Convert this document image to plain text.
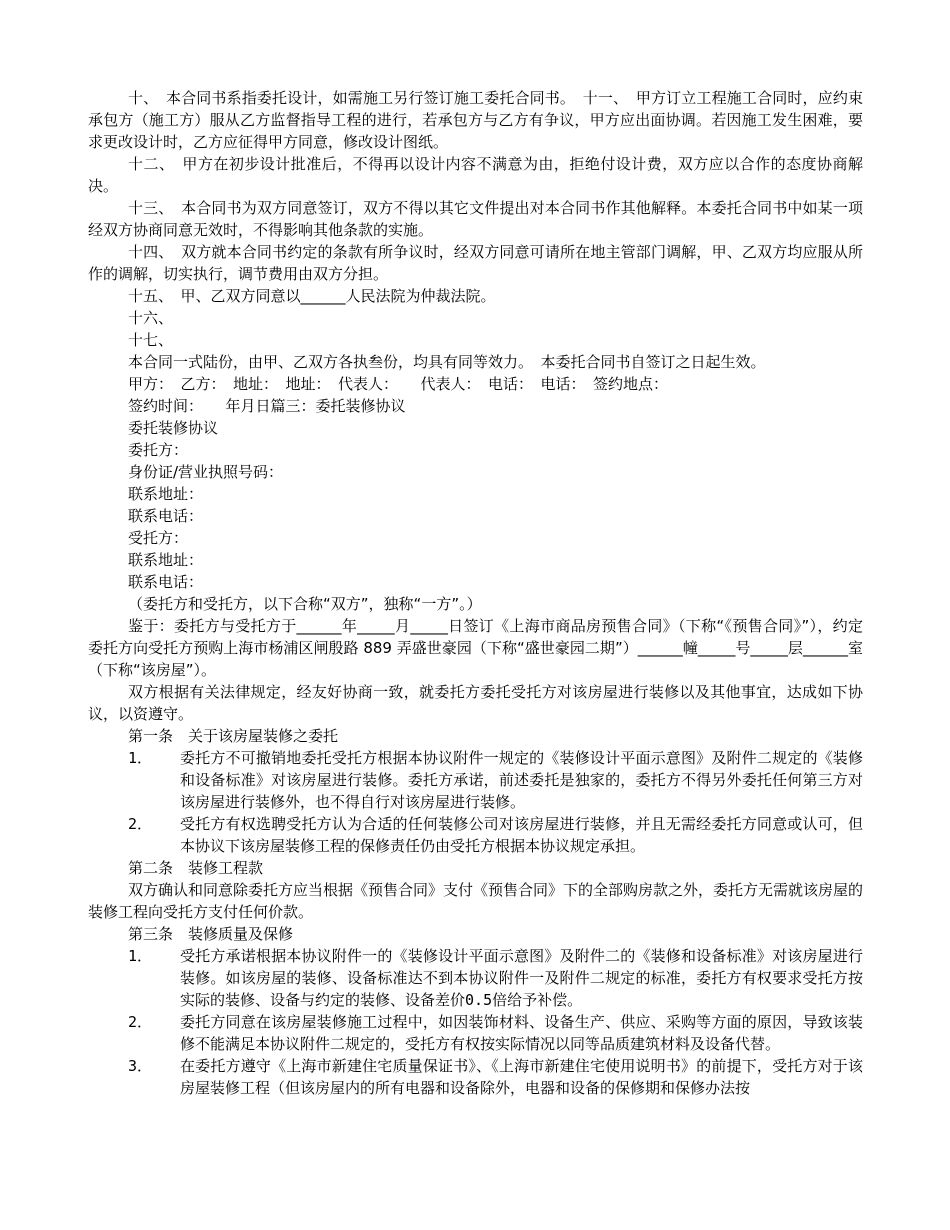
十、　本合同书系指委托设计，如需施工另行签订施工委托合同书。　十一、　甲方订立工程施工合同时，应约束承包方（施工方）服从乙方监督指导工程的进行，若承包方与乙方有争议，甲方应出面协调。若因施工发生困难，要求更改设计时，乙方应征得甲方同意，修改设计图纸。

十二、　甲方在初步设计批准后，不得再以设计内容不满意为由，拒绝付设计费，双方应以合作的态度协商解决。

十三、　本合同书为双方同意签订，双方不得以其它文件提出对本合同书作其他解释。本委托合同书中如某一项经双方协商同意无效时，不得影响其他条款的实施。

十四、　双方就本合同书约定的条款有所争议时，经双方同意可请所在地主管部门调解，甲、乙双方均应服从所作的调解，切实执行，调节费用由双方分担。

十五、　甲、乙双方同意以______人民法院为仲裁法院。

十六、

十七、

本合同一式陆份，由甲、乙双方各执叁份，均具有同等效力。　本委托合同书自签订之日起生效。

甲方：　乙方：　地址：　地址：　代表人：　　代表人：　电话：　电话：　签约地点：

签约时间：　　年月日篇三：委托装修协议

委托装修协议

委托方：

身份证/营业执照号码：

联系地址：

联系电话：

受托方：

联系地址：

联系电话：

（委托方和受托方，以下合称“双方”，独称“一方”。）

鉴于：委托方与受托方于______年_____月_____日签订《上海市商品房预售合同》（下称“《预售合同》”），约定委托方向受托方预购上海市杨浦区闸殷路 889 弄盛世豪园（下称“盛世豪园二期”）______幢_____号_____层______室（下称“该房屋”）。

双方根据有关法律规定，经友好协商一致，就委托方委托受托方对该房屋进行装修以及其他事宜，达成如下协议，以资遵守。

第一条　关于该房屋装修之委托

1． 委托方不可撤销地委托受托方根据本协议附件一规定的《装修设计平面示意图》及附件二规定的《装修和设备标准》对该房屋进行装修。委托方承诺，前述委托是独家的，委托方不得另外委托任何第三方对该房屋进行装修外，也不得自行对该房屋进行装修。
2． 受托方有权选聘受托方认为合适的任何装修公司对该房屋进行装修，并且无需经委托方同意或认可，但本协议下该房屋装修工程的保修责任仍由受托方根据本协议规定承担。

第二条　装修工程款

双方确认和同意除委托方应当根据《预售合同》支付《预售合同》下的全部购房款之外，委托方无需就该房屋的装修工程向受托方支付任何价款。

第三条　装修质量及保修

1． 受托方承诺根据本协议附件一的《装修设计平面示意图》及附件二的《装修和设备标准》对该房屋进行装修。如该房屋的装修、设备标准达不到本协议附件一及附件二规定的标准，委托方有权要求受托方按实际的装修、设备与约定的装修、设备差价0.5倍给予补偿。
2． 委托方同意在该房屋装修施工过程中，如因装饰材料、设备生产、供应、采购等方面的原因，导致该装修不能满足本协议附件二规定的，受托方有权按实际情况以同等品质建筑材料及设备代替。
3． 在委托方遵守《上海市新建住宅质量保证书》、《上海市新建住宅使用说明书》的前提下，受托方对于该房屋装修工程（但该房屋内的所有电器和设备除外，电器和设备的保修期和保修办法按
